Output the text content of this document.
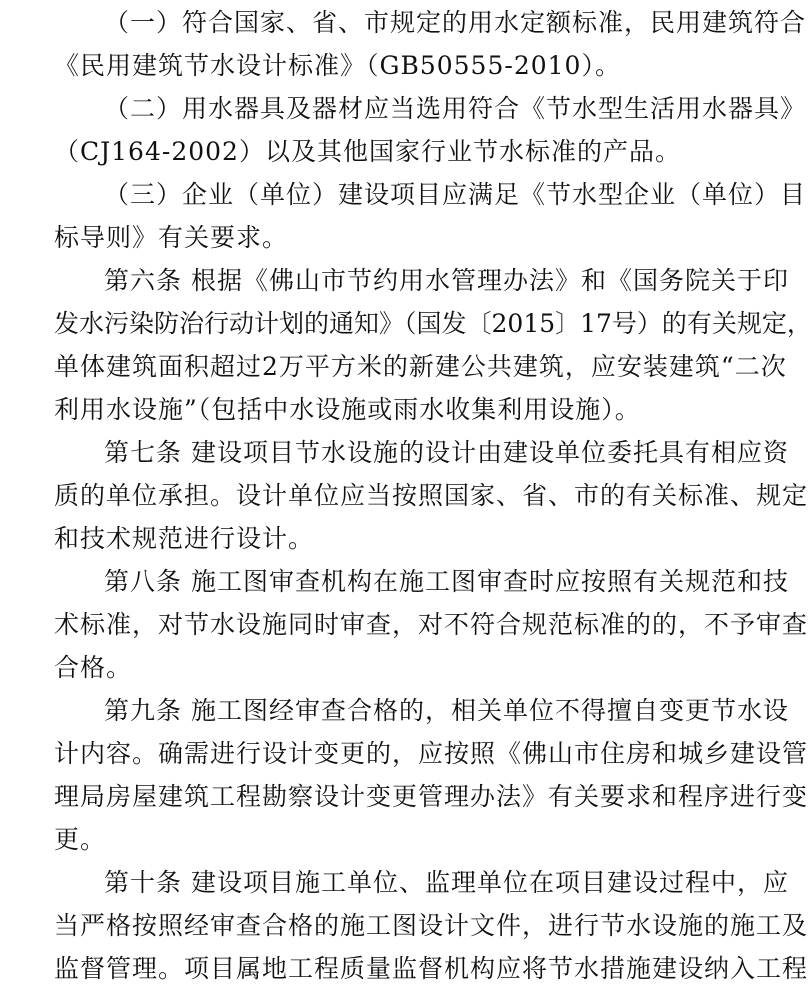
（一）符合国家、省、市规定的用水定额标准，民用建筑符合
《民用建筑节水设计标准》（GB50555-2010）。
（二）用水器具及器材应当选用符合《节水型生活用水器具》
（CJ164-2002）以及其他国家行业节水标准的产品。
（三）企业（单位）建设项目应满足《节水型企业（单位）目
标导则》有关要求。
第六条 根据《佛山市节约用水管理办法》和《国务院关于印
发水污染防治行动计划的通知》（国发〔2015〕17号）的有关规定，
单体建筑面积超过2万平方米的新建公共建筑，应安装建筑“二次
利用水设施”（包括中水设施或雨水收集利用设施）。
第七条 建设项目节水设施的设计由建设单位委托具有相应资
质的单位承担。设计单位应当按照国家、省、市的有关标准、规定
和技术规范进行设计。
第八条 施工图审查机构在施工图审查时应按照有关规范和技
术标准，对节水设施同时审查，对不符合规范标准的的，不予审查
合格。
第九条 施工图经审查合格的，相关单位不得擅自变更节水设
计内容。确需进行设计变更的，应按照《佛山市住房和城乡建设管
理局房屋建筑工程勘察设计变更管理办法》有关要求和程序进行变
更。
第十条 建设项目施工单位、监理单位在项目建设过程中，应
当严格按照经审查合格的施工图设计文件，进行节水设施的施工及
监督管理。项目属地工程质量监督机构应将节水措施建设纳入工程
